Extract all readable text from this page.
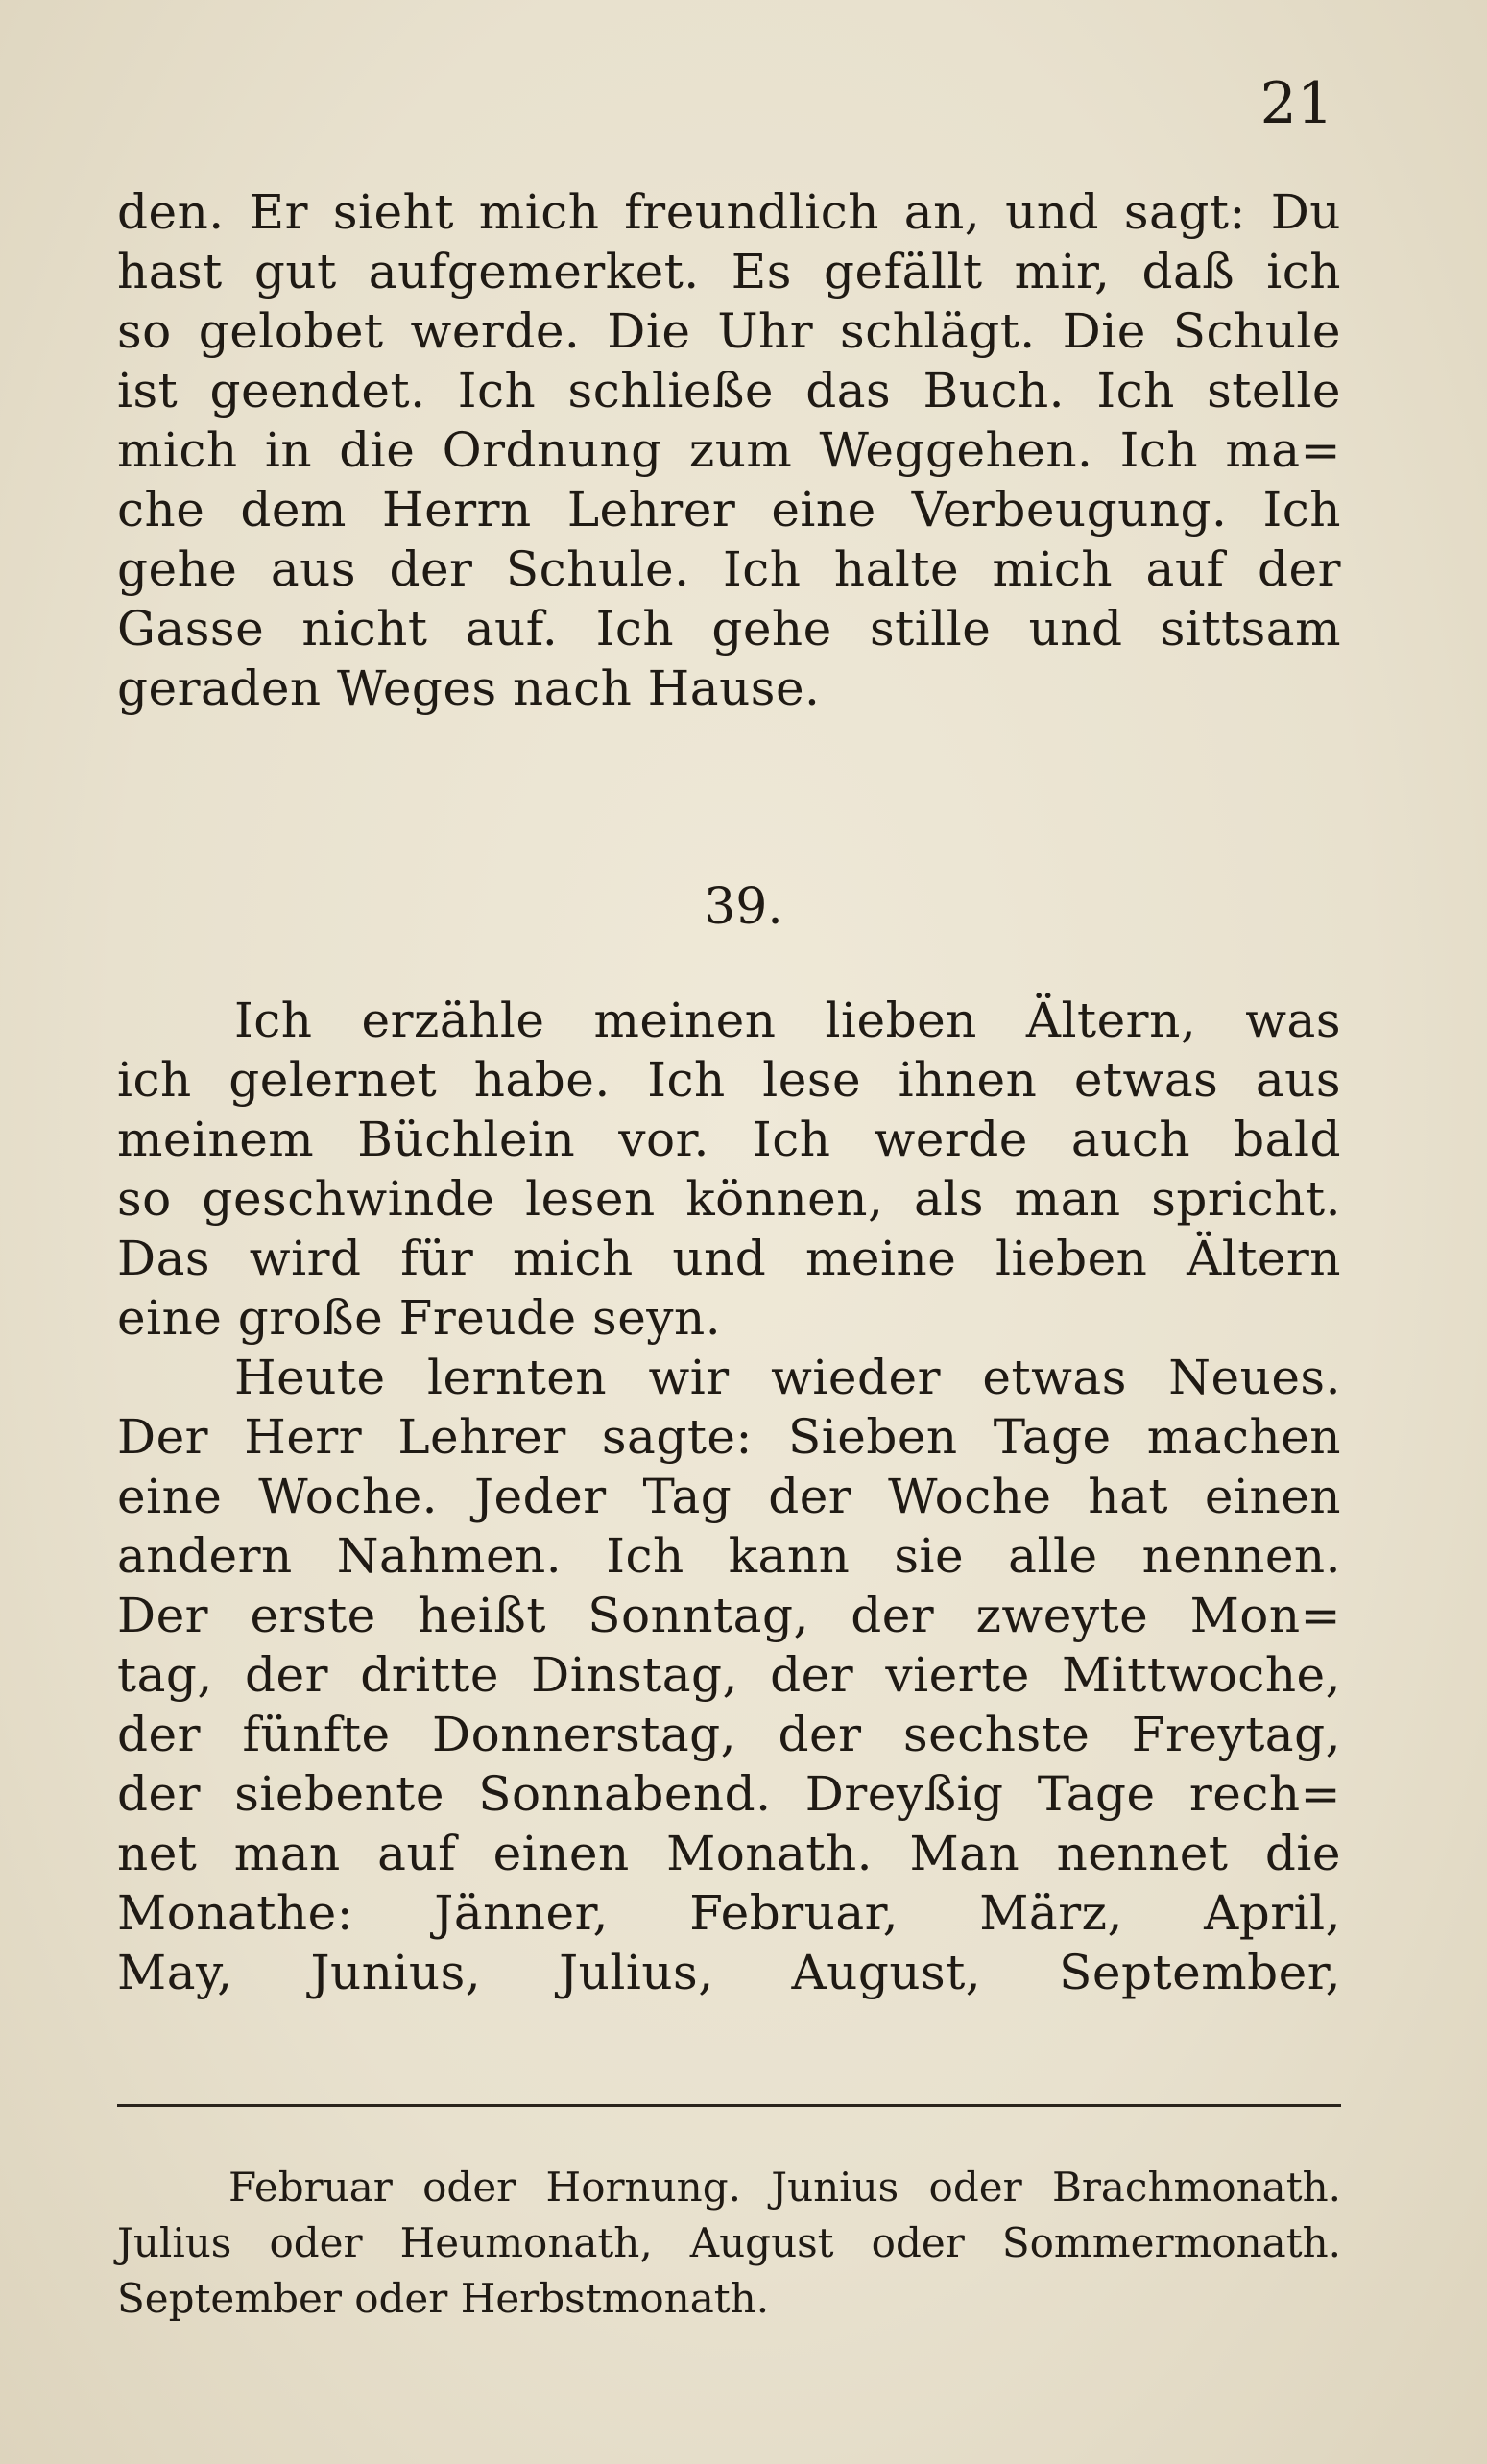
21
den. Er sieht mich freundlich an, und sagt: Du
hast gut aufgemerket. Es gefällt mir, daß ich
so gelobet werde. Die Uhr schlägt. Die Schule
ist geendet. Ich schließe das Buch. Ich stelle
mich in die Ordnung zum Weggehen. Ich ma=
che dem Herrn Lehrer eine Verbeugung. Ich
gehe aus der Schule. Ich halte mich auf der
Gasse nicht auf. Ich gehe stille und sittsam
geraden Weges nach Hause.
39.
Ich erzähle meinen lieben Ältern, was
ich gelernet habe. Ich lese ihnen etwas aus
meinem Büchlein vor. Ich werde auch bald
so geschwinde lesen können, als man spricht.
Das wird für mich und meine lieben Ältern
eine große Freude seyn.
Heute lernten wir wieder etwas Neues.
Der Herr Lehrer sagte: Sieben Tage machen
eine Woche. Jeder Tag der Woche hat einen
andern Nahmen. Ich kann sie alle nennen.
Der erste heißt Sonntag, der zweyte Mon=
tag, der dritte Dinstag, der vierte Mittwoche,
der fünfte Donnerstag, der sechste Freytag,
der siebente Sonnabend. Dreyßig Tage rech=
net man auf einen Monath. Man nennet die
Monathe: Jänner, Februar, März, April,
May, Junius, Julius, August, September,
Februar oder Hornung. Junius oder Brachmonath.
Julius oder Heumonath, August oder Sommermonath.
September oder Herbstmonath.
